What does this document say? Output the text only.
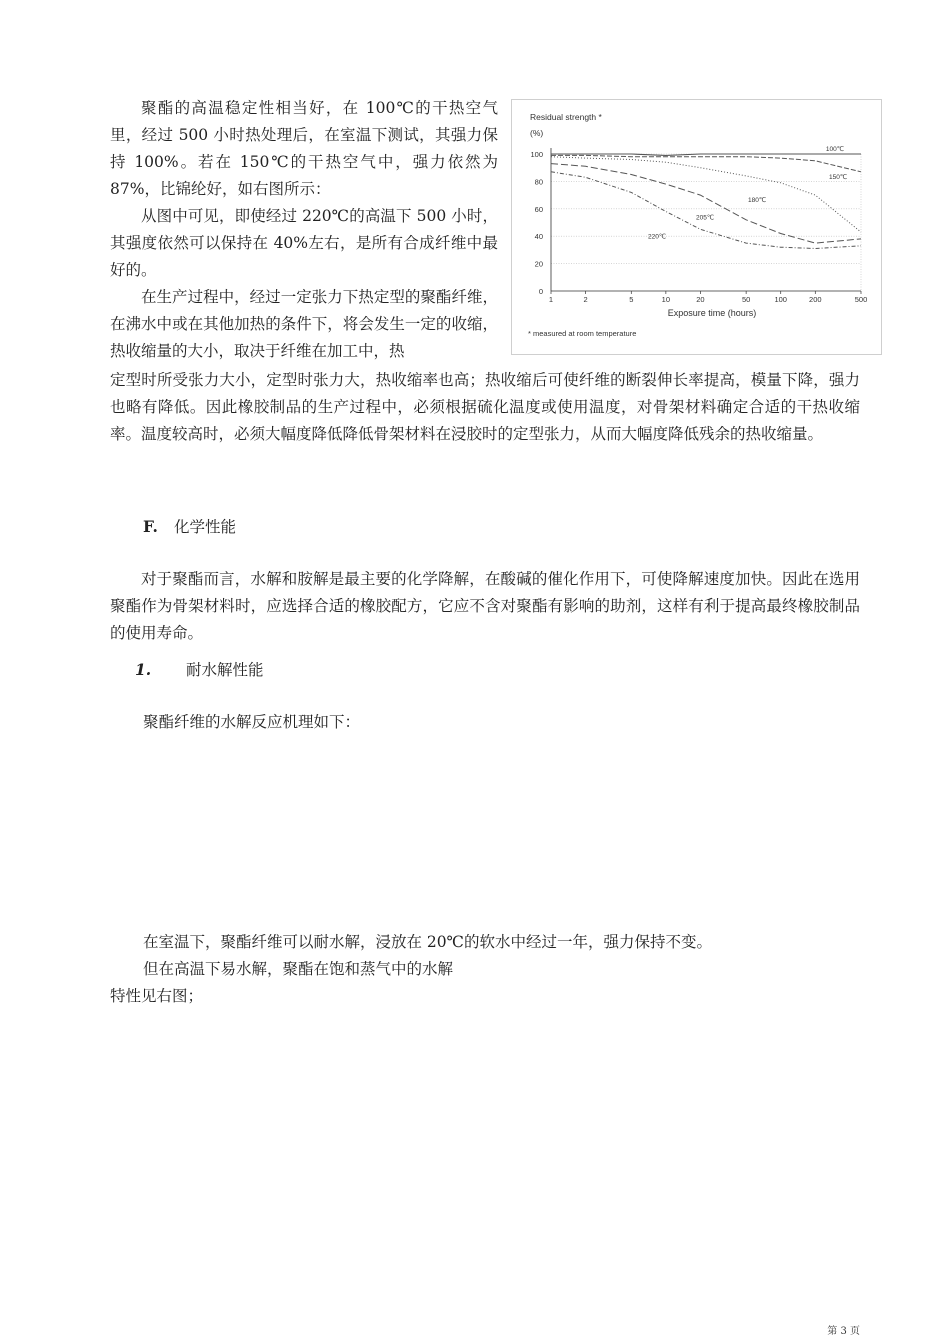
聚酯的高温稳定性相当好，在 100℃的干热空气里，经过 500 小时热处理后，在室温下测试，其强力保持 100%。若在 150℃的干热空气中，强力依然为 87%，比锦纶好，如右图所示：
从图中可见，即使经过 220℃的高温下 500 小时，其强度依然可以保持在 40%左右，是所有合成纤维中最好的。
在生产过程中，经过一定张力下热定型的聚酯纤维，在沸水中或在其他加热的条件下，将会发生一定的收缩，热收缩量的大小，取决于纤维在加工中，热
定型时所受张力大小，定型时张力大，热收缩率也高；热收缩后可使纤维的断裂伸长率提高，模量下降，强力也略有降低。因此橡胶制品的生产过程中，必须根据硫化温度或使用温度，对骨架材料确定合适的干热收缩率。温度较高时，必须大幅度降低降低骨架材料在浸胶时的定型张力，从而大幅度降低残余的热收缩量。
Residual strength *
(%)
Exposure time (hours)
* measured at room temperature
0
20
40
60
80
100
1	2	5	10	20	50	100	200	500
100℃
150℃
180℃
205℃
220℃
F. 化学性能
对于聚酯而言，水解和胺解是最主要的化学降解，在酸碱的催化作用下，可使降解速度加快。因此在选用聚酯作为骨架材料时，应选择合适的橡胶配方，它应不含对聚酯有影响的助剂，这样有利于提高最终橡胶制品的使用寿命。
1. 耐水解性能
聚酯纤维的水解反应机理如下：
在室温下，聚酯纤维可以耐水解，浸放在 20℃的软水中经过一年，强力保持不变。
但在高温下易水解，聚酯在饱和蒸气中的水解
特性见右图；
第 3 页
